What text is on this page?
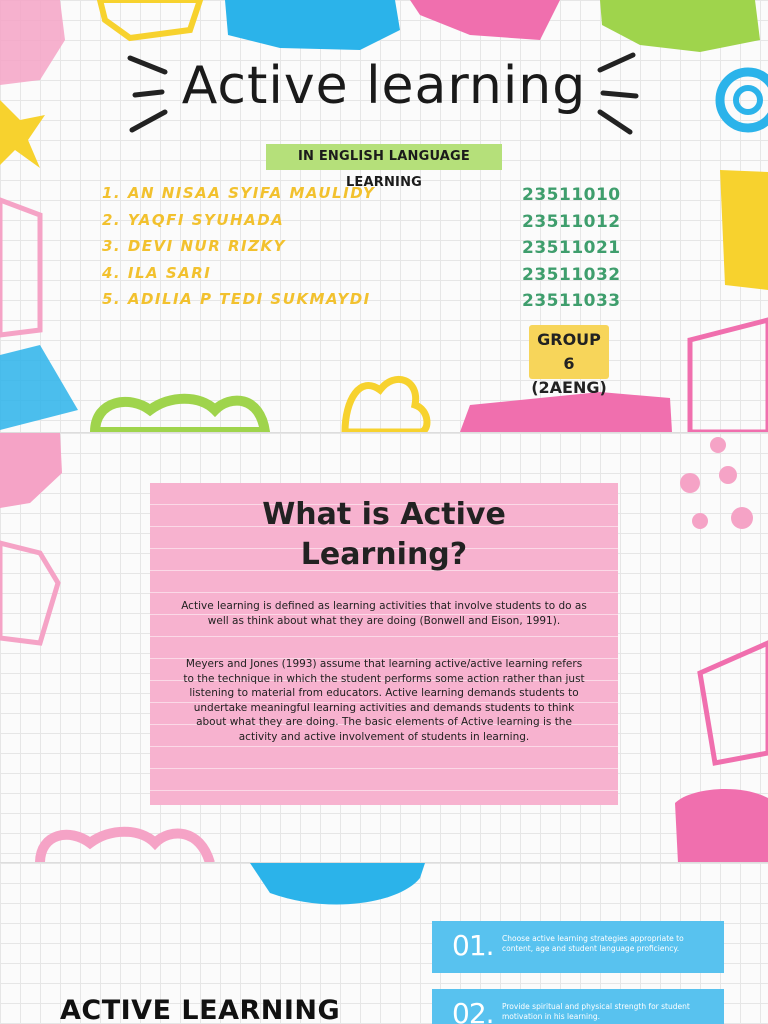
Active learning
IN ENGLISH LANGUAGE LEARNING
1. AN NISAA SYIFA MAULIDY	23511010
2. YAQFI SYUHADA	23511012
3. DEVI NUR RIZKY	23511021
4. ILA SARI	23511032
5. ADILIA P TEDI SUKMAYDI	23511033
GROUP 6
(2AENG)
What is Active
Learning?

Active learning is defined as learning activities that involve students to do as well as think about what they are doing (Bonwell and Eison, 1991).

Meyers and Jones (1993) assume that learning active/active learning refers to the technique in which the student performs some action rather than just listening to material from educators. Active learning demands students to undertake meaningful learning activities and demands students to think about what they are doing. The basic elements of Active learning is the activity and active involvement of students in learning.

ACTIVE LEARNING
01. Choose active learning strategies appropriate to content, age and student language proficiency.
02. Provide spiritual and physical strength for student motivation in his learning.
